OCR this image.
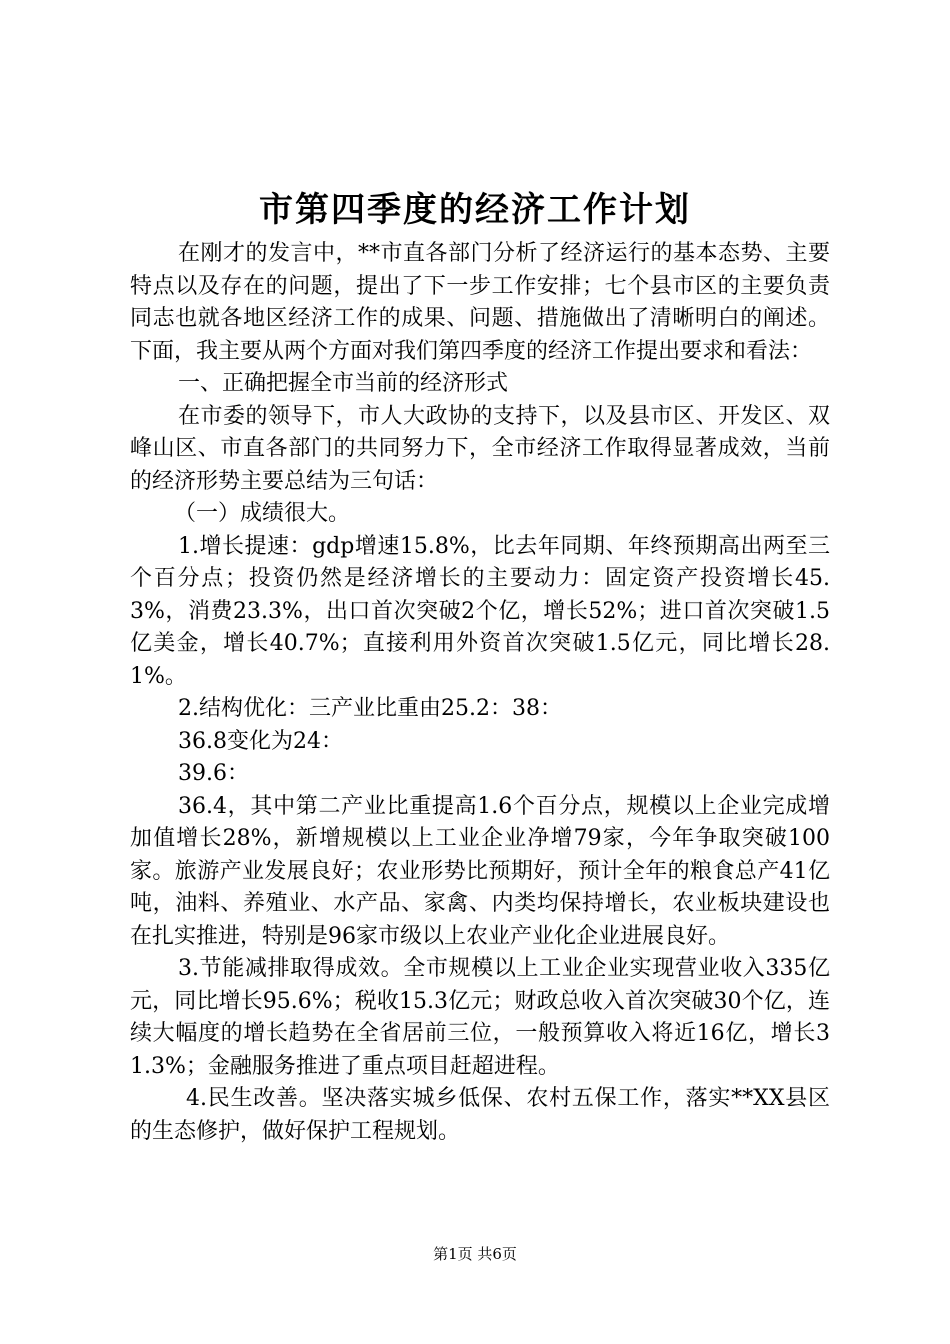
市第四季度的经济工作计划

在刚才的发言中，**市直各部门分析了经济运行的基本态势、主要特点以及存在的问题，提出了下一步工作安排；七个县市区的主要负责同志也就各地区经济工作的成果、问题、措施做出了清晰明白的阐述。下面，我主要从两个方面对我们第四季度的经济工作提出要求和看法：

一、正确把握全市当前的经济形式

在市委的领导下，市人大政协的支持下，以及县市区、开发区、双峰山区、市直各部门的共同努力下，全市经济工作取得显著成效，当前的经济形势主要总结为三句话：

（一）成绩很大。

1.增长提速：gdp增速15.8%，比去年同期、年终预期高出两至三个百分点；投资仍然是经济增长的主要动力：固定资产投资增长45.3%，消费23.3%，出口首次突破2个亿，增长52%；进口首次突破1.5亿美金，增长40.7%；直接利用外资首次突破1.5亿元，同比增长28.1%。

2.结构优化：三产业比重由25.2：38：

36.8变化为24：

39.6：

36.4，其中第二产业比重提高1.6个百分点，规模以上企业完成增加值增长28%，新增规模以上工业企业净增79家，今年争取突破100家。旅游产业发展良好；农业形势比预期好，预计全年的粮食总产41亿吨，油料、养殖业、水产品、家禽、内类均保持增长，农业板块建设也在扎实推进，特别是96家市级以上农业产业化企业进展良好。

3.节能减排取得成效。全市规模以上工业企业实现营业收入335亿元，同比增长95.6%；税收15.3亿元；财政总收入首次突破30个亿，连续大幅度的增长趋势在全省居前三位，一般预算收入将近16亿，增长31.3%；金融服务推进了重点项目赶超进程。

4.民生改善。坚决落实城乡低保、农村五保工作，落实**XX县区的生态修护，做好保护工程规划。

第1页 共6页
